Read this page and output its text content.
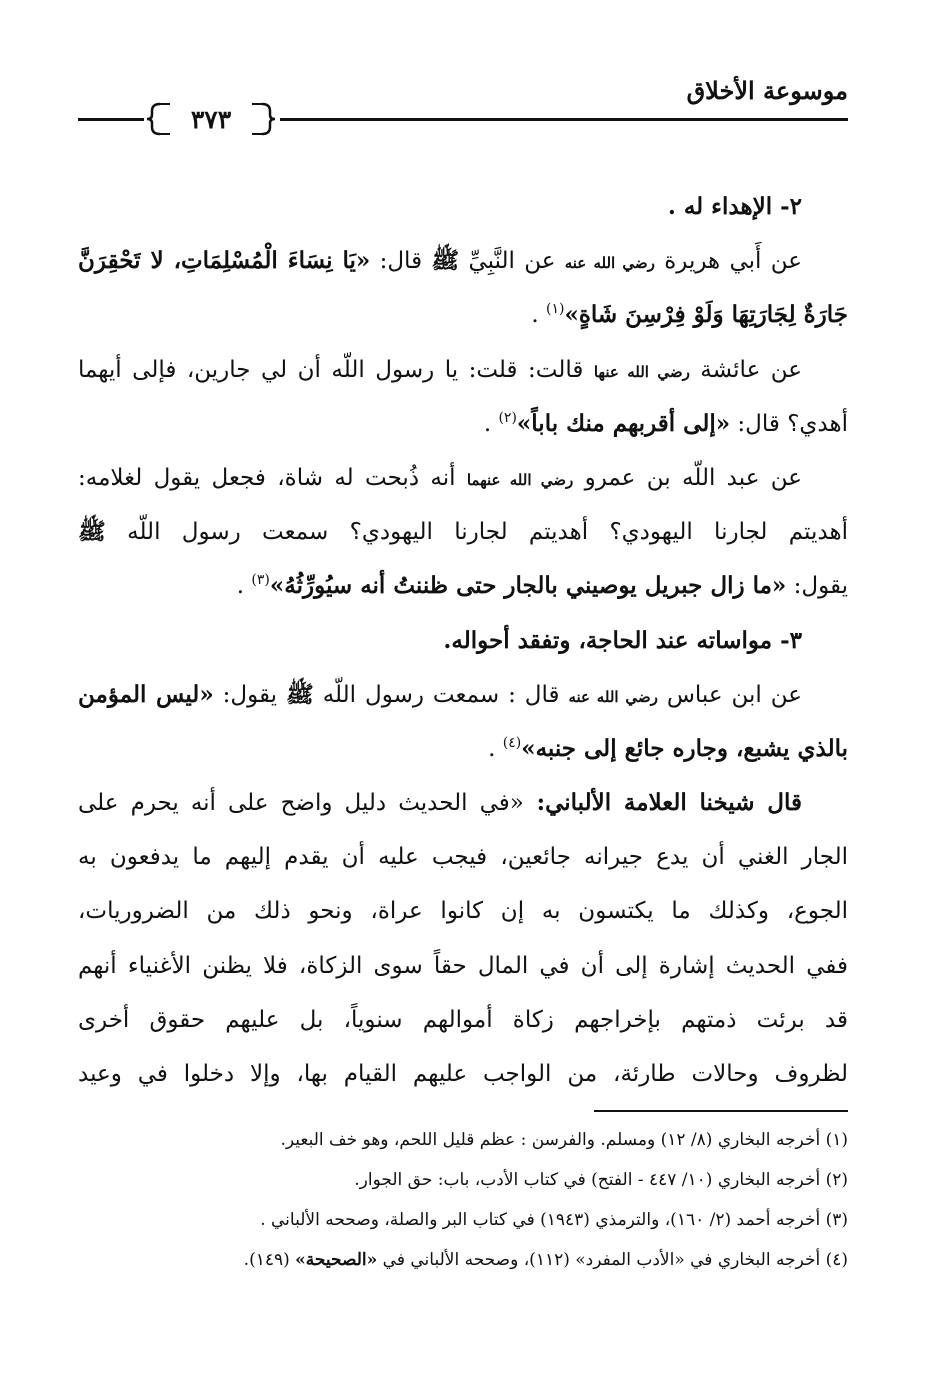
موسوعة الأخلاق
٣٧٣
٢- الإهداء له .
عن أَبي هريرة رضي الله عنه عن النَّبِيِّ ﷺ قال: «يَا نِسَاءَ الْمُسْلِمَاتِ، لا تَحْقِرَنَّ
جَارَةٌ لِجَارَتِهَا وَلَوْ فِرْسِنَ شَاةٍ»$^{(١)}$ .
عن عائشة رضي الله عنها قالت: قلت: يا رسول اللّه أن لي جارين، فإلى أيهما
أهدي؟ قال: «إلى أقربهم منك باباً»$^{(٢)}$ .
عن عبد اللّه بن عمرو رضي الله عنهما أنه ذُبحت له شاة، فجعل يقول لغلامه:
أهديتم لجارنا اليهودي؟ أهديتم لجارنا اليهودي؟ سمعت رسول اللّه ﷺ
يقول: «ما زال جبريل يوصيني بالجار حتى ظننتُ أنه سيُورِّثُهُ»$^{(٣)}$ .
٣- مواساته عند الحاجة، وتفقد أحواله.
عن ابن عباس رضي الله عنه قال : سمعت رسول اللّه ﷺ يقول: «ليس المؤمن
بالذي يشبع، وجاره جائع إلى جنبه»$^{(٤)}$ .
قال شيخنا العلامة الألباني: «في الحديث دليل واضح على أنه يحرم على
الجار الغني أن يدع جيرانه جائعين، فيجب عليه أن يقدم إليهم ما يدفعون به
الجوع، وكذلك ما يكتسون به إن كانوا عراة، ونحو ذلك من الضروريات،
ففي الحديث إشارة إلى أن في المال حقاً سوى الزكاة، فلا يظنن الأغنياء أنهم
قد برئت ذمتهم بإخراجهم زكاة أموالهم سنوياً، بل عليهم حقوق أخرى
لظروف وحالات طارئة، من الواجب عليهم القيام بها، وإلا دخلوا في وعيد
(١) أخرجه البخاري (٨/ ١٢) ومسلم. والفرسن : عظم قليل اللحم، وهو خف البعير.
(٢) أخرجه البخاري (١٠/ ٤٤٧ - الفتح) في كتاب الأدب، باب: حق الجوار.
(٣) أخرجه أحمد (٢/ ١٦٠)، والترمذي (١٩٤٣) في كتاب البر والصلة، وصححه الألباني .
(٤) أخرجه البخاري في «الأدب المفرد» (١١٢)، وصححه الألباني في «الصحيحة» (١٤٩).
